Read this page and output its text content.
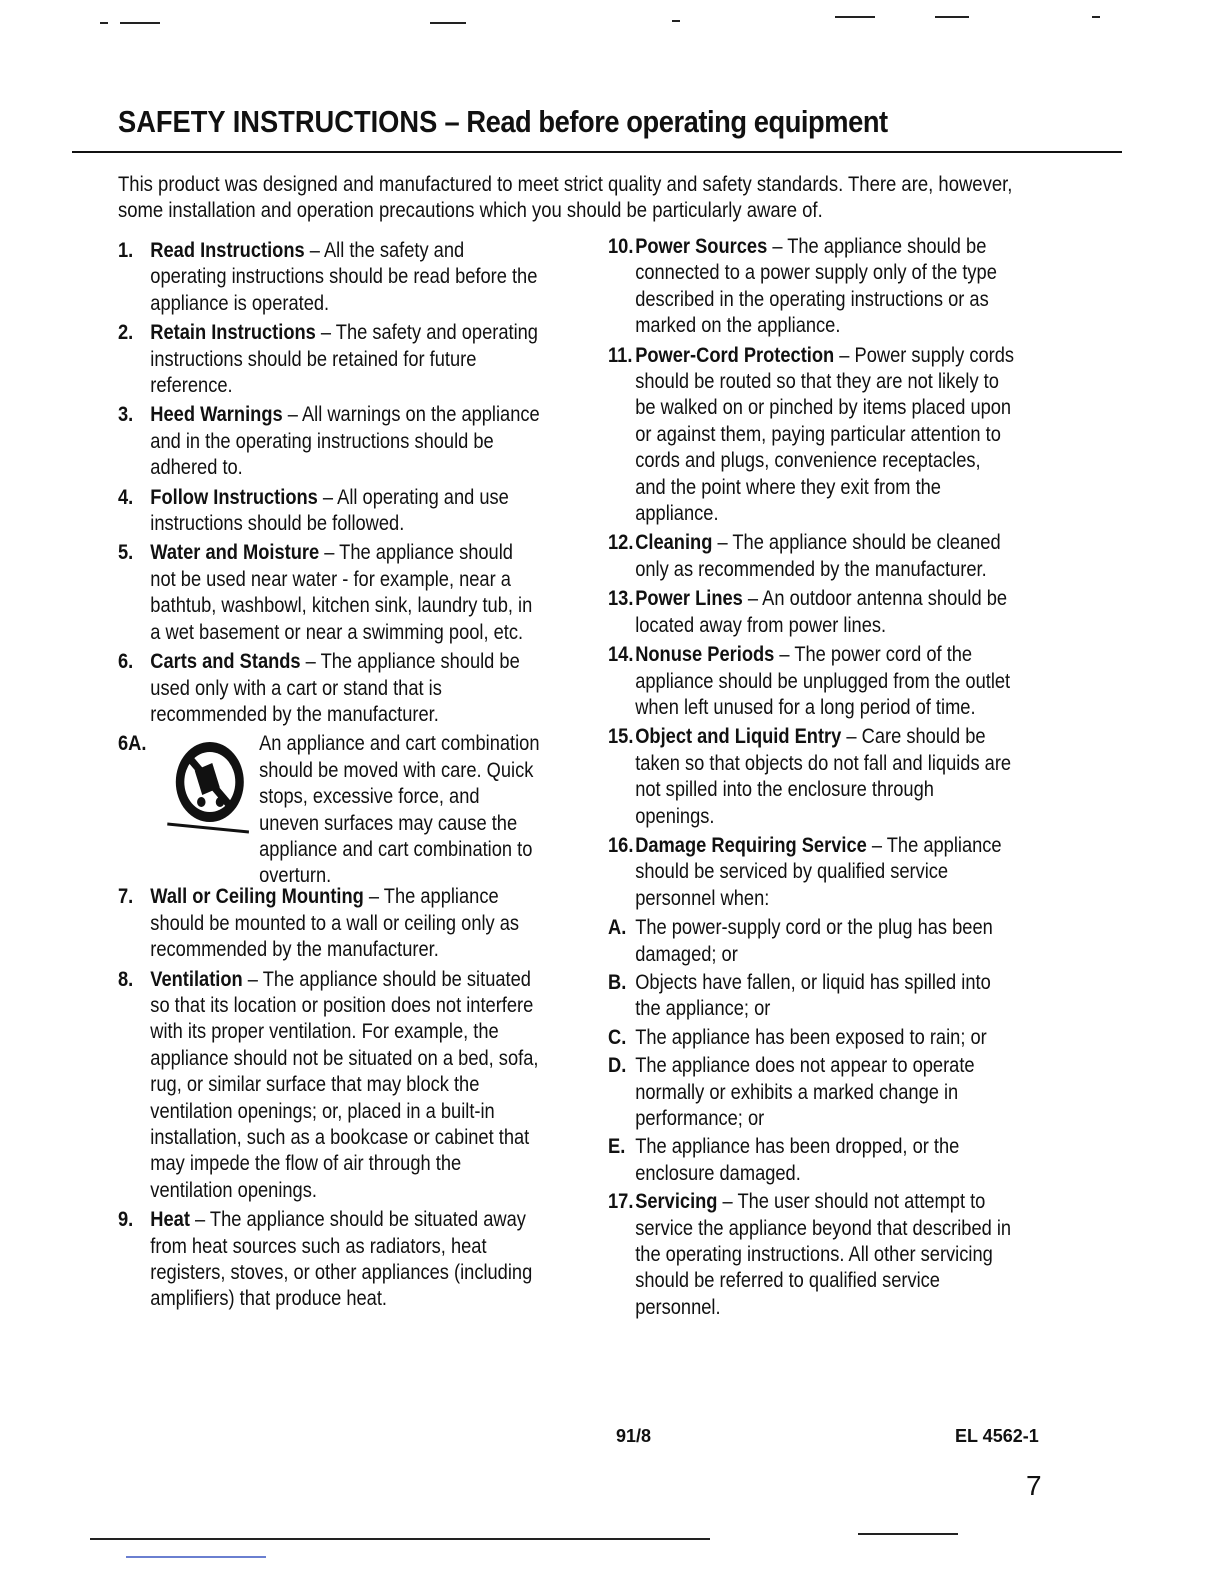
SAFETY INSTRUCTIONS – Read before operating equipment
This product was designed and manufactured to meet strict quality and safety standards. There are, however, some installation and operation precautions which you should be particularly aware of.
1. Read Instructions – All the safety and operating instructions should be read before the appliance is operated.
2. Retain Instructions – The safety and operating instructions should be retained for future reference.
3. Heed Warnings – All warnings on the appliance and in the operating instructions should be adhered to.
4. Follow Instructions – All operating and use instructions should be followed.
5. Water and Moisture – The appliance should not be used near water - for example, near a bathtub, washbowl, kitchen sink, laundry tub, in a wet basement or near a swimming pool, etc.
6. Carts and Stands – The appliance should be used only with a cart or stand that is recommended by the manufacturer.
6A.	An appliance and cart combination should be moved with care. Quick stops, excessive force, and uneven surfaces may cause the appliance and cart combination to overturn.
7. Wall or Ceiling Mounting – The appliance should be mounted to a wall or ceiling only as recommended by the manufacturer.
8. Ventilation – The appliance should be situated so that its location or position does not interfere with its proper ventilation. For example, the appliance should not be situated on a bed, sofa, rug, or similar surface that may block the ventilation openings; or, placed in a built-in installation, such as a bookcase or cabinet that may impede the flow of air through the ventilation openings.
9. Heat – The appliance should be situated away from heat sources such as radiators, heat registers, stoves, or other appliances (including amplifiers) that produce heat.
10. Power Sources – The appliance should be connected to a power supply only of the type described in the operating instructions or as marked on the appliance.
11. Power-Cord Protection – Power supply cords should be routed so that they are not likely to be walked on or pinched by items placed upon or against them, paying particular attention to cords and plugs, convenience receptacles, and the point where they exit from the appliance.
12. Cleaning – The appliance should be cleaned only as recommended by the manufacturer.
13. Power Lines – An outdoor antenna should be located away from power lines.
14. Nonuse Periods – The power cord of the appliance should be unplugged from the outlet when left unused for a long period of time.
15. Object and Liquid Entry – Care should be taken so that objects do not fall and liquids are not spilled into the enclosure through openings.
16. Damage Requiring Service – The appliance should be serviced by qualified service personnel when:
A. The power-supply cord or the plug has been damaged; or
B. Objects have fallen, or liquid has spilled into the appliance; or
C. The appliance has been exposed to rain; or
D. The appliance does not appear to operate normally or exhibits a marked change in performance; or
E. The appliance has been dropped, or the enclosure damaged.
17. Servicing – The user should not attempt to service the appliance beyond that described in the operating instructions. All other servicing should be referred to qualified service personnel.
91/8	EL 4562-1
7
